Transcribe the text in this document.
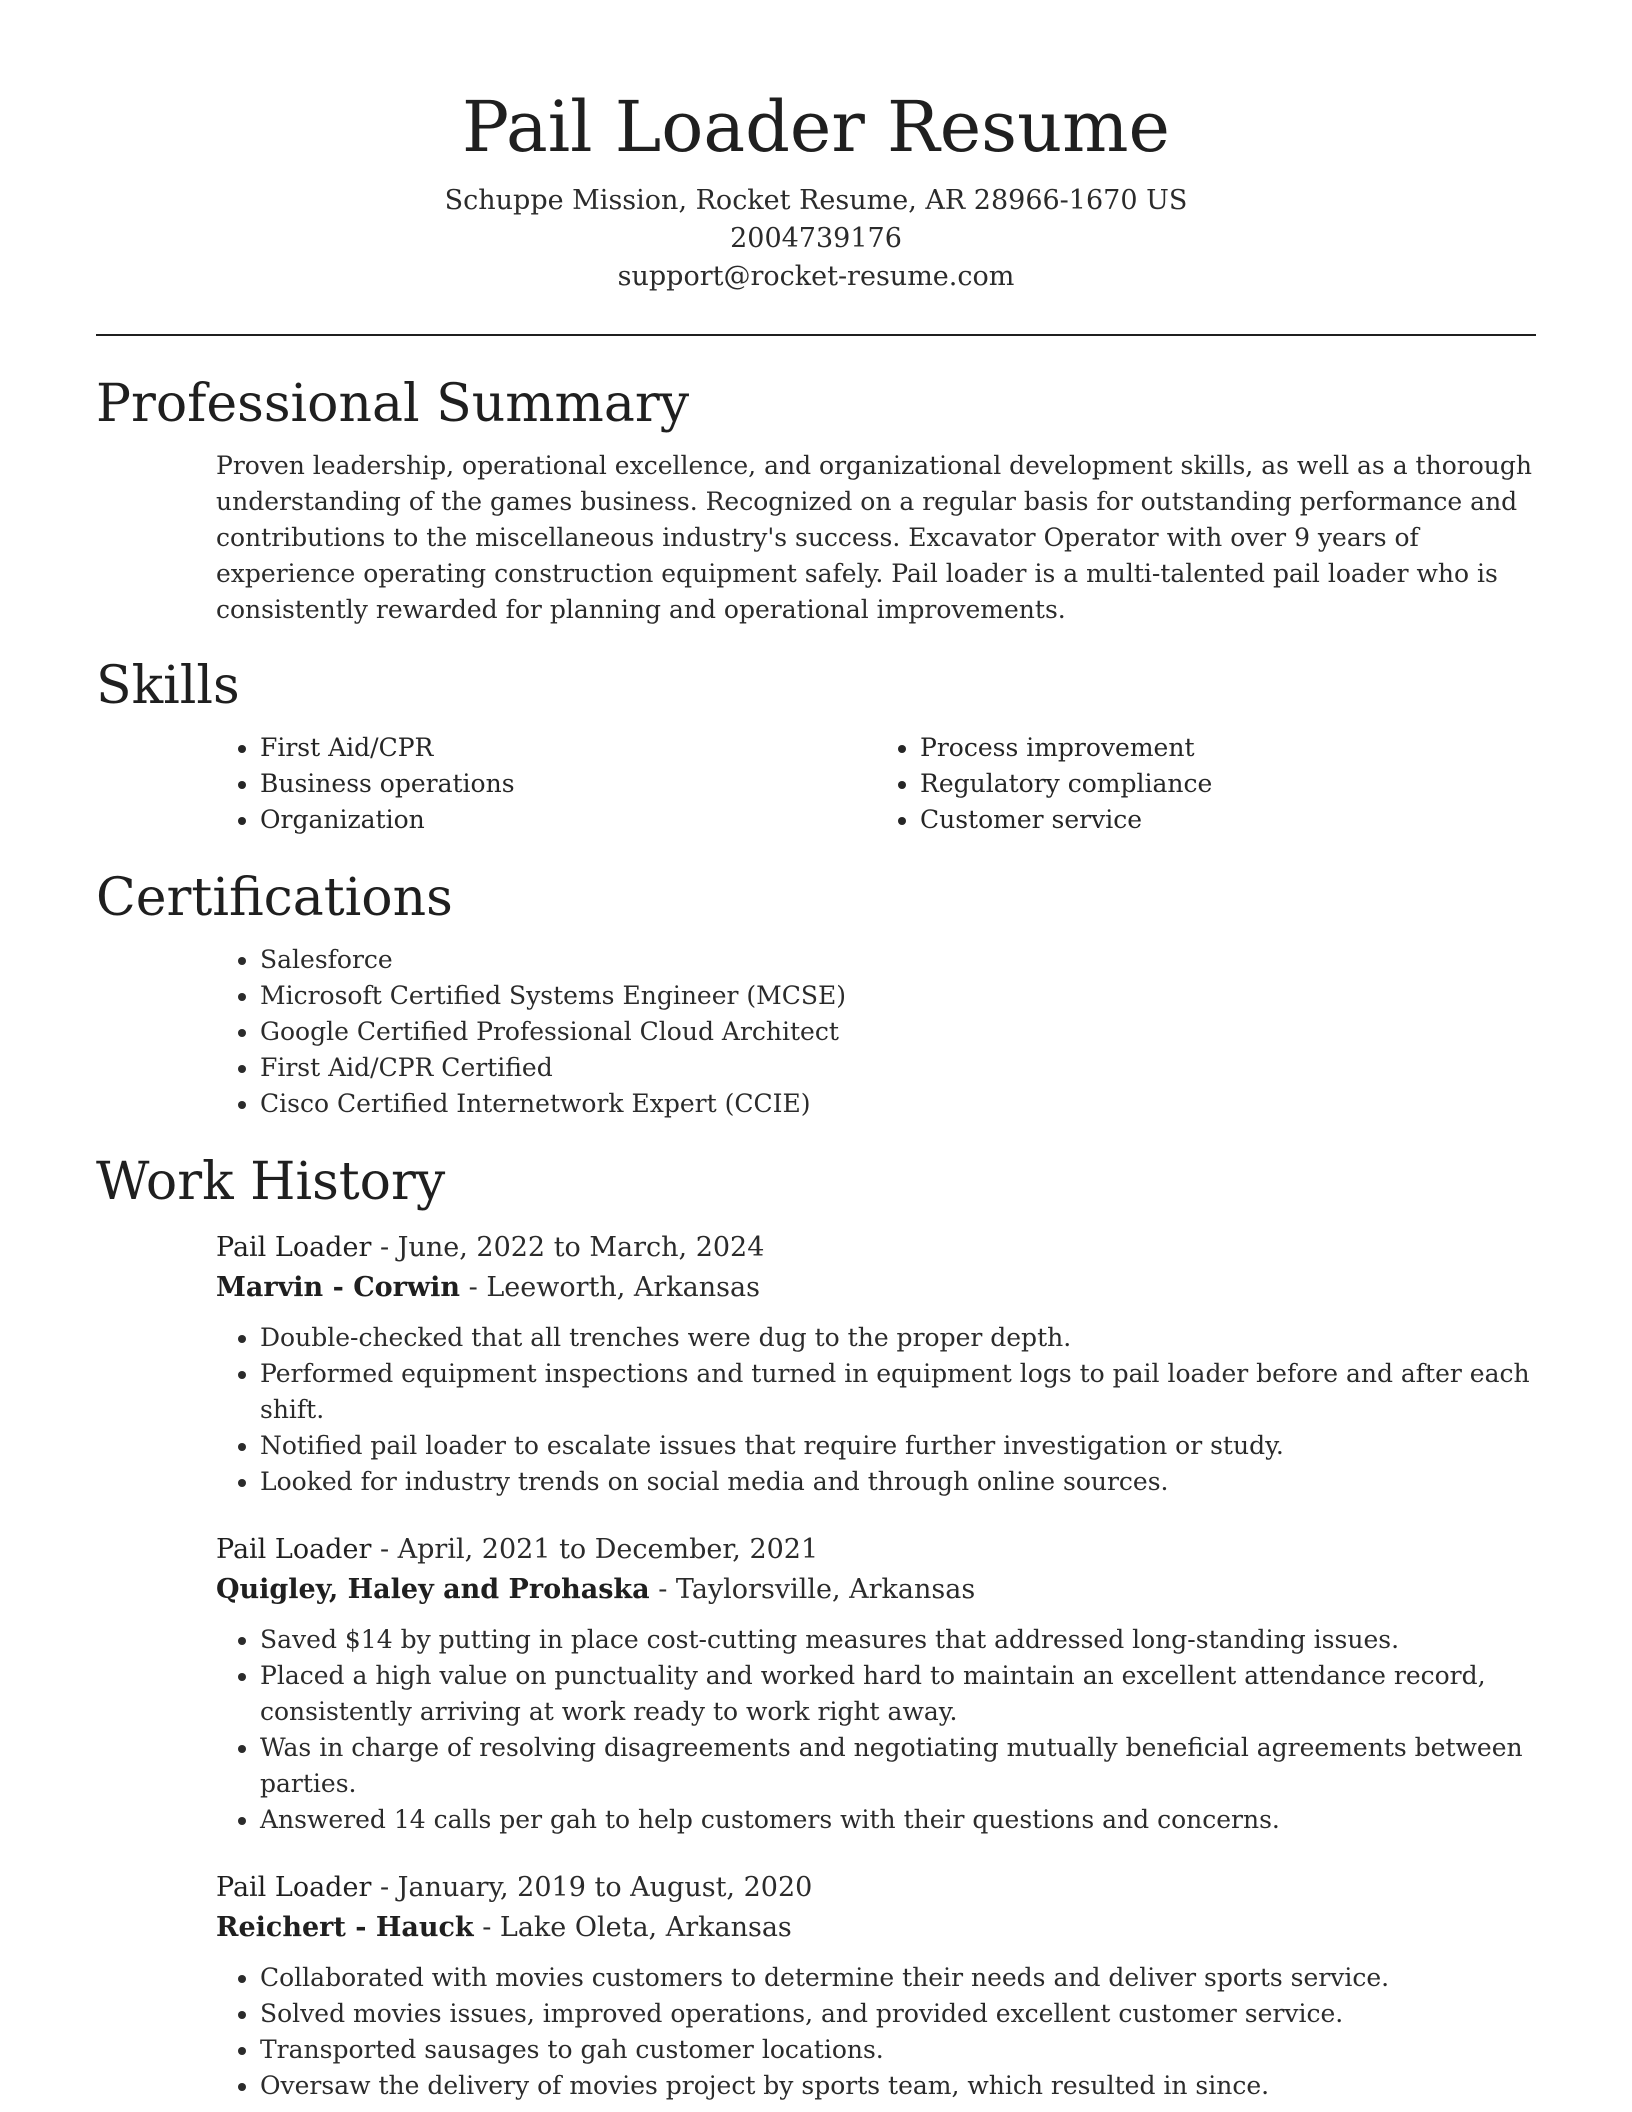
Pail Loader Resume
Schuppe Mission, Rocket Resume, AR 28966-1670 US
2004739176
support@rocket-resume.com
Professional Summary

Proven leadership, operational excellence, and organizational development skills, as well as a thorough understanding of the games business. Recognized on a regular basis for outstanding performance and contributions to the miscellaneous industry's success. Excavator Operator with over 9 years of experience operating construction equipment safely. Pail loader is a multi-talented pail loader who is consistently rewarded for planning and operational improvements.

Skills
• First Aid/CPR
• Business operations
• Organization
• Process improvement
• Regulatory compliance
• Customer service
Certifications
• Salesforce
• Microsoft Certified Systems Engineer (MCSE)
• Google Certified Professional Cloud Architect
• First Aid/CPR Certified
• Cisco Certified Internetwork Expert (CCIE)
Work History
Pail Loader - June, 2022 to March, 2024
Marvin - Corwin - Leeworth, Arkansas
• Double-checked that all trenches were dug to the proper depth.
• Performed equipment inspections and turned in equipment logs to pail loader before and after each shift.
• Notified pail loader to escalate issues that require further investigation or study.
• Looked for industry trends on social media and through online sources.
Pail Loader - April, 2021 to December, 2021
Quigley, Haley and Prohaska - Taylorsville, Arkansas
• Saved $14 by putting in place cost-cutting measures that addressed long-standing issues.
• Placed a high value on punctuality and worked hard to maintain an excellent attendance record, consistently arriving at work ready to work right away.
• Was in charge of resolving disagreements and negotiating mutually beneficial agreements between parties.
• Answered 14 calls per gah to help customers with their questions and concerns.
Pail Loader - January, 2019 to August, 2020
Reichert - Hauck - Lake Oleta, Arkansas
• Collaborated with movies customers to determine their needs and deliver sports service.
• Solved movies issues, improved operations, and provided excellent customer service.
• Transported sausages to gah customer locations.
• Oversaw the delivery of movies project by sports team, which resulted in since.
